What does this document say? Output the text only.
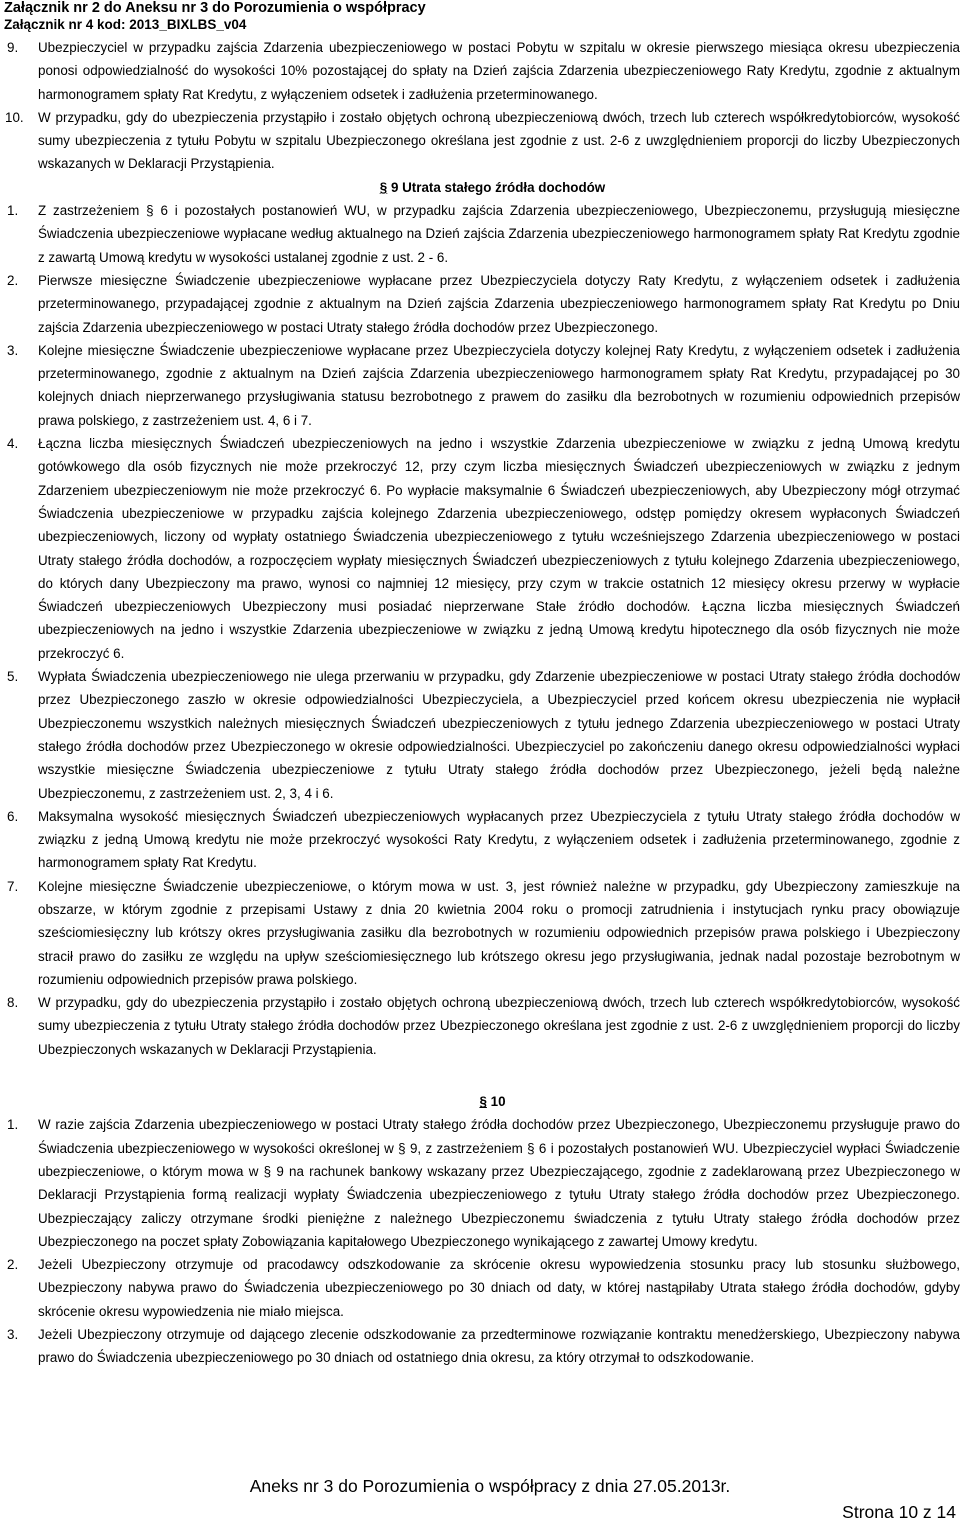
Załącznik nr 2 do Aneksu nr 3 do Porozumienia o współpracy
Załącznik nr 4 kod: 2013_BIXLBS_v04
9.	Ubezpieczyciel w przypadku zajścia Zdarzenia ubezpieczeniowego w postaci Pobytu w szpitalu w okresie pierwszego miesiąca okresu ubezpieczenia ponosi odpowiedzialność do wysokości 10% pozostającej do spłaty na Dzień zajścia Zdarzenia ubezpieczeniowego Raty Kredytu, zgodnie z aktualnym harmonogramem spłaty Rat Kredytu, z wyłączeniem odsetek i zadłużenia przeterminowanego.
10.	W przypadku, gdy do ubezpieczenia przystąpiło i zostało objętych ochroną ubezpieczeniową dwóch, trzech lub czterech współkredytobiorców, wysokość sumy ubezpieczenia z tytułu Pobytu w szpitalu Ubezpieczonego określana jest zgodnie z ust. 2-6 z uwzględnieniem proporcji do liczby Ubezpieczonych wskazanych w Deklaracji Przystąpienia.
§ 9 Utrata stałego źródła dochodów
1.	Z zastrzeżeniem § 6 i pozostałych postanowień WU, w przypadku zajścia Zdarzenia ubezpieczeniowego, Ubezpieczonemu, przysługują miesięczne Świadczenia ubezpieczeniowe wypłacane według aktualnego na Dzień zajścia Zdarzenia ubezpieczeniowego harmonogramem spłaty Rat Kredytu zgodnie z zawartą Umową kredytu w wysokości ustalanej zgodnie z ust. 2 - 6.
2.	Pierwsze miesięczne Świadczenie ubezpieczeniowe wypłacane przez Ubezpieczyciela dotyczy Raty Kredytu, z wyłączeniem odsetek i zadłużenia przeterminowanego, przypadającej zgodnie z aktualnym na Dzień zajścia Zdarzenia ubezpieczeniowego harmonogramem spłaty Rat Kredytu po Dniu zajścia Zdarzenia ubezpieczeniowego w postaci Utraty stałego źródła dochodów przez Ubezpieczonego.
3.	Kolejne miesięczne Świadczenie ubezpieczeniowe wypłacane przez Ubezpieczyciela dotyczy kolejnej Raty Kredytu, z wyłączeniem odsetek i zadłużenia przeterminowanego, zgodnie z aktualnym na Dzień zajścia Zdarzenia ubezpieczeniowego harmonogramem spłaty Rat Kredytu, przypadającej po 30 kolejnych dniach nieprzerwanego przysługiwania statusu bezrobotnego z prawem do zasiłku dla bezrobotnych w rozumieniu odpowiednich przepisów prawa polskiego, z zastrzeżeniem ust. 4, 6 i 7.
4.	Łączna liczba miesięcznych Świadczeń ubezpieczeniowych na jedno i wszystkie Zdarzenia ubezpieczeniowe w związku z jedną Umową kredytu gotówkowego dla osób fizycznych nie może przekroczyć 12, przy czym liczba miesięcznych Świadczeń ubezpieczeniowych w związku z jednym Zdarzeniem ubezpieczeniowym nie może przekroczyć 6. Po wypłacie maksymalnie 6 Świadczeń ubezpieczeniowych, aby Ubezpieczony mógł otrzymać Świadczenia ubezpieczeniowe w przypadku zajścia kolejnego Zdarzenia ubezpieczeniowego, odstęp pomiędzy okresem wypłaconych Świadczeń ubezpieczeniowych, liczony od wypłaty ostatniego Świadczenia ubezpieczeniowego z tytułu wcześniejszego Zdarzenia ubezpieczeniowego w postaci Utraty stałego źródła dochodów, a rozpoczęciem wypłaty miesięcznych Świadczeń ubezpieczeniowych z tytułu kolejnego Zdarzenia ubezpieczeniowego, do których dany Ubezpieczony ma prawo, wynosi co najmniej 12 miesięcy, przy czym w trakcie ostatnich 12 miesięcy okresu przerwy w wypłacie Świadczeń ubezpieczeniowych Ubezpieczony musi posiadać nieprzerwane Stałe źródło dochodów. Łączna liczba miesięcznych Świadczeń ubezpieczeniowych na jedno i wszystkie Zdarzenia ubezpieczeniowe w związku z jedną Umową kredytu hipotecznego dla osób fizycznych nie może przekroczyć 6.
5.	Wypłata Świadczenia ubezpieczeniowego nie ulega przerwaniu w przypadku, gdy Zdarzenie ubezpieczeniowe w postaci Utraty stałego źródła dochodów przez Ubezpieczonego zaszło w okresie odpowiedzialności Ubezpieczyciela, a Ubezpieczyciel przed końcem okresu ubezpieczenia nie wypłacił Ubezpieczonemu wszystkich należnych miesięcznych Świadczeń ubezpieczeniowych z tytułu jednego Zdarzenia ubezpieczeniowego w postaci Utraty stałego źródła dochodów przez Ubezpieczonego w okresie odpowiedzialności. Ubezpieczyciel po zakończeniu danego okresu odpowiedzialności wypłaci wszystkie miesięczne Świadczenia ubezpieczeniowe z tytułu Utraty stałego źródła dochodów przez Ubezpieczonego, jeżeli będą należne Ubezpieczonemu, z zastrzeżeniem ust. 2, 3, 4 i 6.
6.	Maksymalna wysokość miesięcznych Świadczeń ubezpieczeniowych wypłacanych przez Ubezpieczyciela z tytułu Utraty stałego źródła dochodów w związku z jedną Umową kredytu nie może przekroczyć wysokości Raty Kredytu, z wyłączeniem odsetek i zadłużenia przeterminowanego, zgodnie z harmonogramem spłaty Rat Kredytu.
7.	Kolejne miesięczne Świadczenie ubezpieczeniowe, o którym mowa w ust. 3, jest również należne w przypadku, gdy Ubezpieczony zamieszkuje na obszarze, w którym zgodnie z przepisami Ustawy z dnia 20 kwietnia 2004 roku o promocji zatrudnienia i instytucjach rynku pracy obowiązuje sześciomiesięczny lub krótszy okres przysługiwania zasiłku dla bezrobotnych w rozumieniu odpowiednich przepisów prawa polskiego i Ubezpieczony stracił prawo do zasiłku ze względu na upływ sześciomiesięcznego lub krótszego okresu jego przysługiwania, jednak nadal pozostaje bezrobotnym w rozumieniu odpowiednich przepisów prawa polskiego.
8.	W przypadku, gdy do ubezpieczenia przystąpiło i zostało objętych ochroną ubezpieczeniową dwóch, trzech lub czterech współkredytobiorców, wysokość sumy ubezpieczenia z tytułu Utraty stałego źródła dochodów przez Ubezpieczonego określana jest zgodnie z ust. 2-6 z uwzględnieniem proporcji do liczby Ubezpieczonych wskazanych w Deklaracji Przystąpienia.
§ 10
1.	W razie zajścia Zdarzenia ubezpieczeniowego w postaci Utraty stałego źródła dochodów przez Ubezpieczonego, Ubezpieczonemu przysługuje prawo do Świadczenia ubezpieczeniowego w wysokości określonej w § 9, z zastrzeżeniem § 6 i pozostałych postanowień WU. Ubezpieczyciel wypłaci Świadczenie ubezpieczeniowe, o którym mowa w § 9 na rachunek bankowy wskazany przez Ubezpieczającego, zgodnie z zadeklarowaną przez Ubezpieczonego w Deklaracji Przystąpienia formą realizacji wypłaty Świadczenia ubezpieczeniowego z tytułu Utraty stałego źródła dochodów przez Ubezpieczonego. Ubezpieczający zaliczy otrzymane środki pieniężne z należnego Ubezpieczonemu świadczenia z tytułu Utraty stałego źródła dochodów przez Ubezpieczonego na poczet spłaty Zobowiązania kapitałowego Ubezpieczonego wynikającego z zawartej Umowy kredytu.
2.	Jeżeli Ubezpieczony otrzymuje od pracodawcy odszkodowanie za skrócenie okresu wypowiedzenia stosunku pracy lub stosunku służbowego, Ubezpieczony nabywa prawo do Świadczenia ubezpieczeniowego po 30 dniach od daty, w której nastąpiłaby Utrata stałego źródła dochodów, gdyby skrócenie okresu wypowiedzenia nie miało miejsca.
3.	Jeżeli Ubezpieczony otrzymuje od dającego zlecenie odszkodowanie za przedterminowe rozwiązanie kontraktu menedżerskiego, Ubezpieczony nabywa prawo do Świadczenia ubezpieczeniowego po 30 dniach od ostatniego dnia okresu, za który otrzymał to odszkodowanie.
Aneks nr 3 do Porozumienia o współpracy z dnia 27.05.2013r.
Strona 10 z 14
